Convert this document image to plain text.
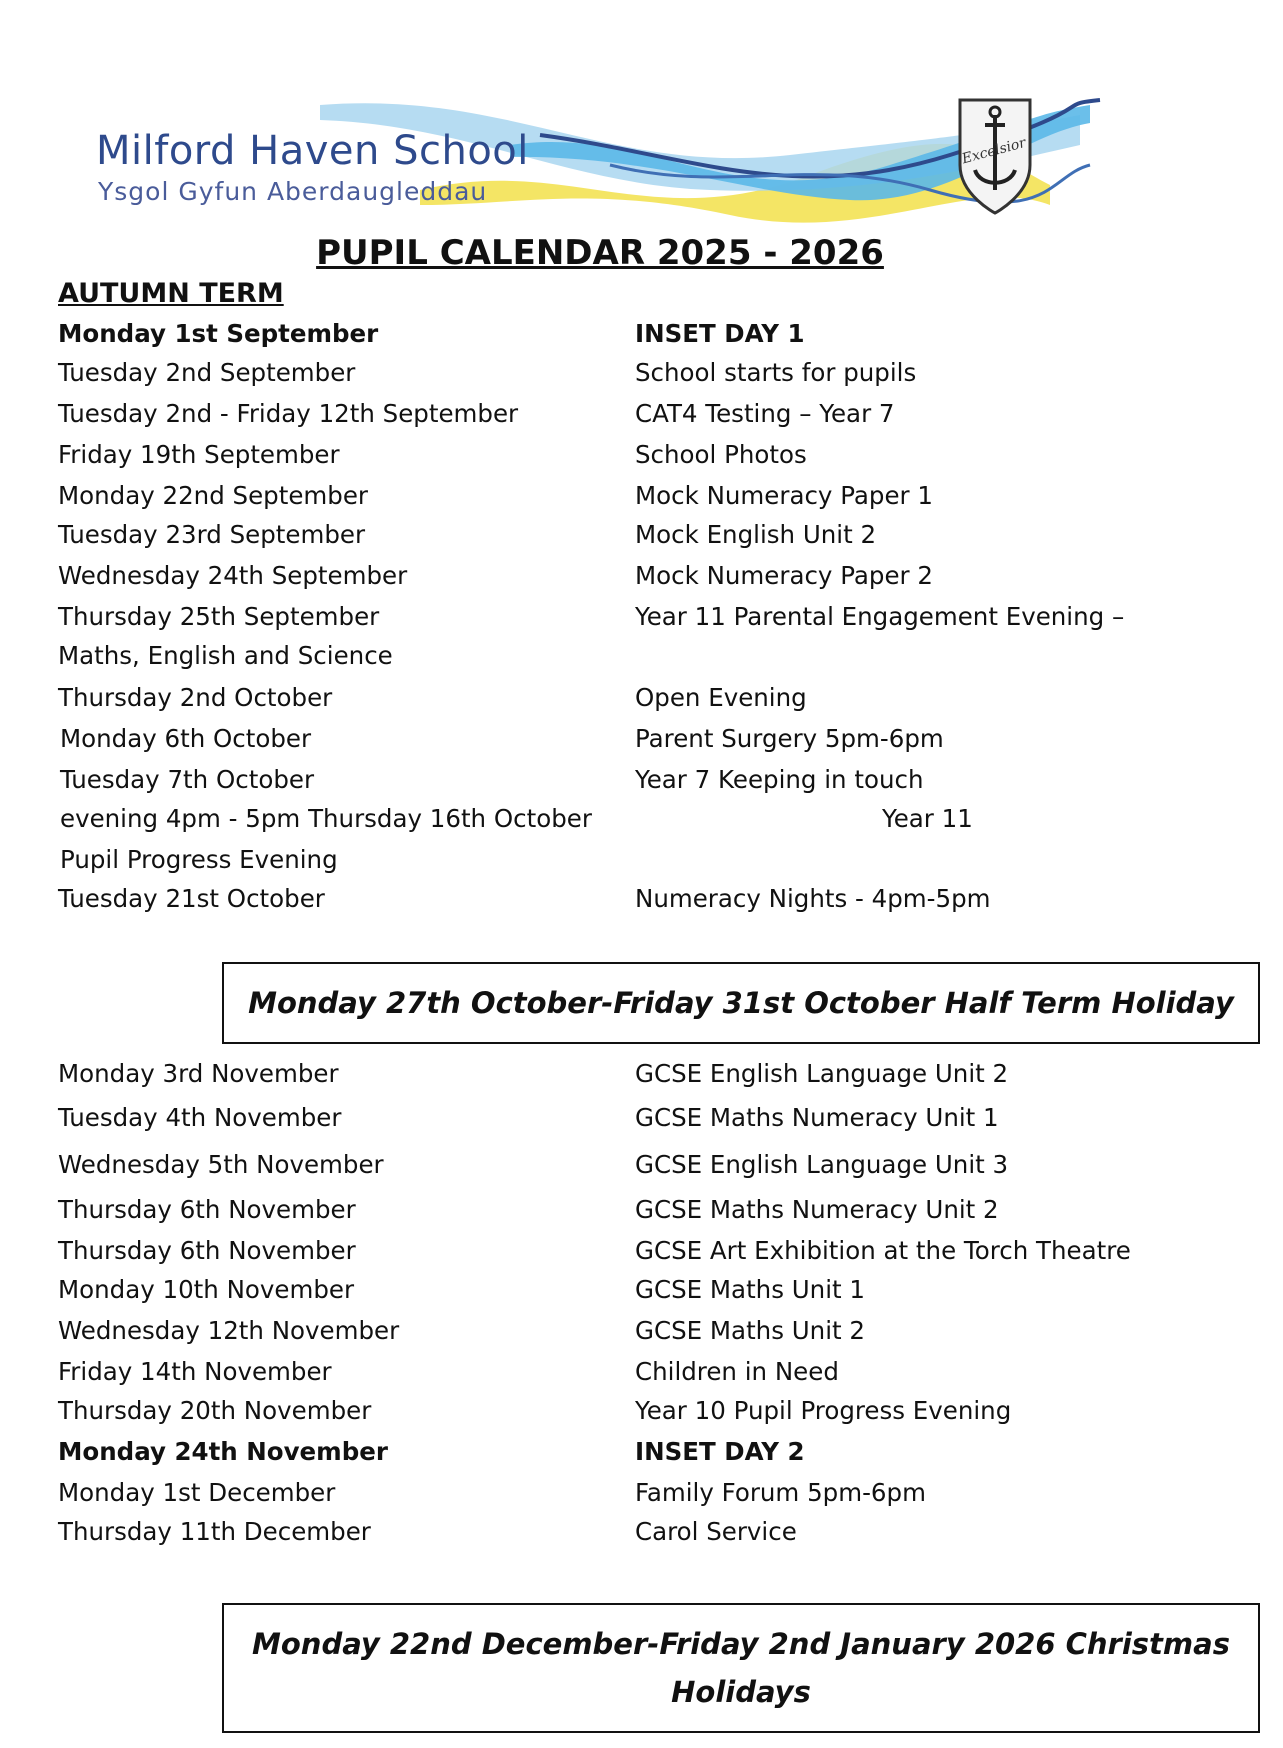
Excelsior
Milford Haven School
Ysgol Gyfun Aberdaugleddau
PUPIL CALENDAR 2025 - 2026
AUTUMN TERM
Monday 1st September	INSET DAY 1
Tuesday 2nd September	School starts for pupils
Tuesday 2nd - Friday 12th September	CAT4 Testing – Year 7
Friday 19th September	School Photos
Monday 22nd September	Mock Numeracy Paper 1
Tuesday 23rd September	Mock English Unit 2
Wednesday 24th September	Mock Numeracy Paper 2
Thursday 25th September	Year 11 Parental Engagement Evening –
Maths, English and Science
Thursday 2nd October	Open Evening
Monday 6th October	Parent Surgery 5pm-6pm
Tuesday 7th October	Year 7 Keeping in touch
evening 4pm - 5pm Thursday 16th October	Year 11
Pupil Progress Evening
Tuesday 21st October	Numeracy Nights - 4pm-5pm
Monday 27th October-Friday 31st October Half Term Holiday
Monday 3rd November	GCSE English Language Unit 2
Tuesday 4th November	GCSE Maths Numeracy Unit 1
Wednesday 5th November	GCSE English Language Unit 3
Thursday 6th November	GCSE Maths Numeracy Unit 2
Thursday 6th November	GCSE Art Exhibition at the Torch Theatre
Monday 10th November	GCSE Maths Unit 1
Wednesday 12th November	GCSE Maths Unit 2
Friday 14th November	Children in Need
Thursday 20th November	Year 10 Pupil Progress Evening
Monday 24th November	INSET DAY 2
Monday 1st December	Family Forum 5pm-6pm
Thursday 11th December	Carol Service
Monday 22nd December-Friday 2nd January 2026 Christmas
Holidays
